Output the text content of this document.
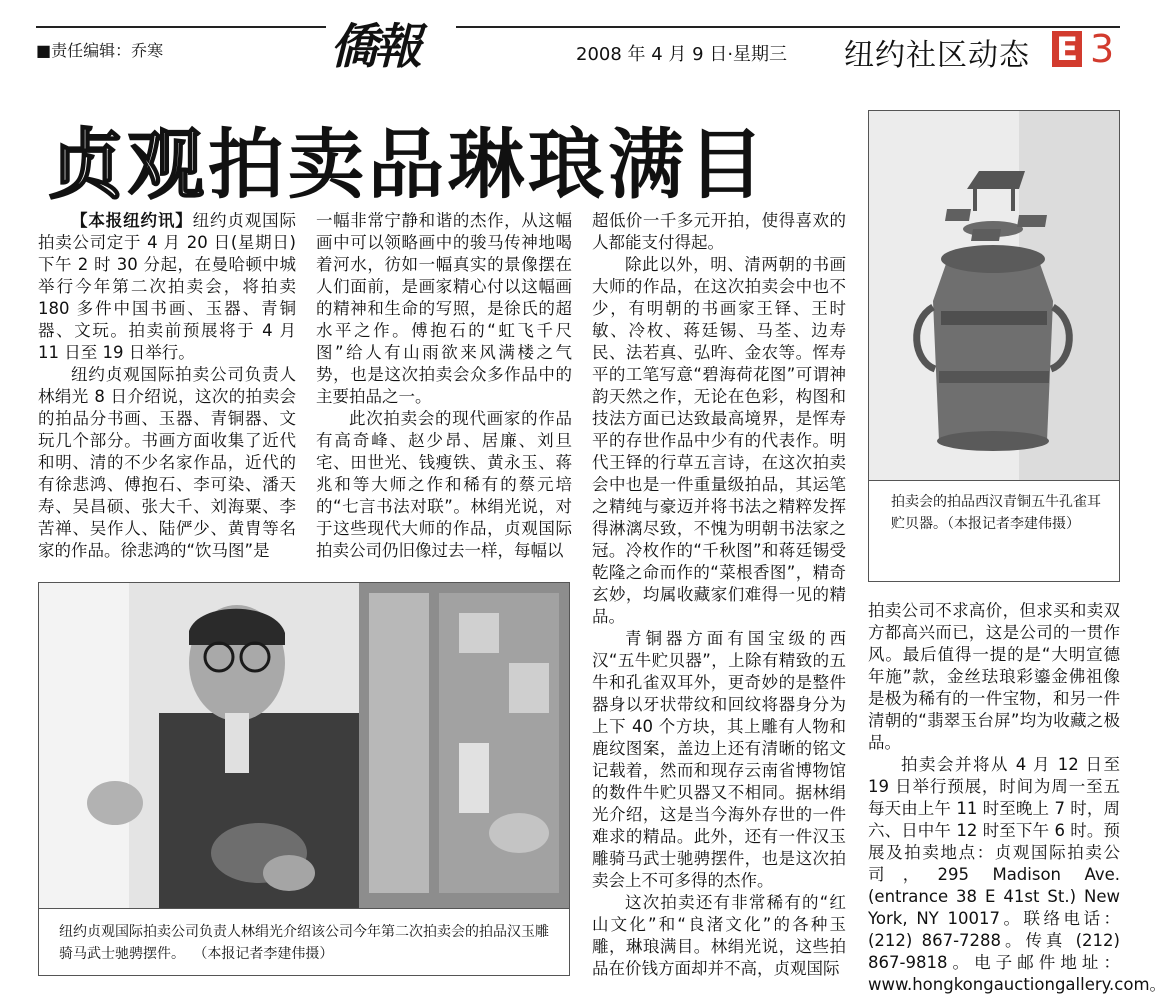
■责任编辑：乔寒	僑報	2008 年 4 月 9 日·星期三 纽约社区动态 E 3
贞观拍卖品琳琅满目

【本报纽约讯】纽约贞观国际拍卖公司定于 4 月 20 日(星期日)下午 2 时 30 分起，在曼哈顿中城举行今年第二次拍卖会，将拍卖 180 多件中国书画、玉器、青铜器、文玩。拍卖前预展将于 4 月 11 日至 19 日举行。

纽约贞观国际拍卖公司负责人林绢光 8 日介绍说，这次的拍卖会的拍品分书画、玉器、青铜器、文玩几个部分。书画方面收集了近代和明、清的不少名家作品，近代的有徐悲鸿、傅抱石、李可染、潘天寿、吴昌硕、张大千、刘海粟、李苦禅、吴作人、陆俨少、黄胄等名家的作品。徐悲鸿的“饮马图”是

一幅非常宁静和谐的杰作，从这幅画中可以领略画中的骏马传神地喝着河水，彷如一幅真实的景像摆在人们面前，是画家精心付以这幅画的精神和生命的写照，是徐氏的超水平之作。傅抱石的“虹飞千尺图”给人有山雨欲来风满楼之气势，也是这次拍卖会众多作品中的主要拍品之一。

此次拍卖会的现代画家的作品有高奇峰、赵少昂、居廉、刘旦宅、田世光、钱瘦铁、黄永玉、蒋兆和等大师之作和稀有的蔡元培的“七言书法对联”。林绢光说，对于这些现代大师的作品，贞观国际拍卖公司仍旧像过去一样，每幅以

超低价一千多元开拍，使得喜欢的人都能支付得起。

除此以外，明、清两朝的书画大师的作品，在这次拍卖会中也不少，有明朝的书画家王铎、王时敏、冷枚、蒋廷锡、马荃、边寿民、法若真、弘旿、金农等。恽寿平的工笔写意“碧海荷花图”可谓神韵天然之作，无论在色彩，构图和技法方面已达致最高境界，是恽寿平的存世作品中少有的代表作。明代王铎的行草五言诗，在这次拍卖会中也是一件重量级拍品，其运笔之精纯与豪迈并将书法之精粹发挥得淋漓尽致，不愧为明朝书法家之冠。冷枚作的“千秋图”和蒋廷锡受乾隆之命而作的“菜根香图”，精奇玄妙，均属收藏家们难得一见的精品。

青铜器方面有国宝级的西汉“五牛贮贝器”，上除有精致的五牛和孔雀双耳外，更奇妙的是整件器身以牙状带纹和回纹将器身分为上下 40 个方块，其上雕有人物和鹿纹图案，盖边上还有清晰的铭文记载着，然而和现存云南省博物馆的数件牛贮贝器又不相同。据林绢光介绍，这是当今海外存世的一件难求的精品。此外，还有一件汉玉雕骑马武士驰骋摆件，也是这次拍卖会上不可多得的杰作。

这次拍卖还有非常稀有的“红山文化”和“良渚文化”的各种玉雕，琳琅满目。林绢光说，这些拍品在价钱方面却并不高，贞观国际

拍卖公司不求高价，但求买和卖双方都高兴而已，这是公司的一贯作风。最后值得一提的是“大明宣德年施”款，金丝珐琅彩鎏金佛祖像是极为稀有的一件宝物，和另一件清朝的“翡翠玉台屏”均为收藏之极品。

拍卖会并将从 4 月 12 日至 19 日举行预展，时间为周一至五每天由上午 11 时至晚上 7 时，周六、日中午 12 时至下午 6 时。预展及拍卖地点：贞观国际拍卖公司，295 Madison Ave.(entrance 38 E 41st St.) New York, NY 10017。联络电话：(212) 867-7288。传真 (212) 867-9818。电子邮件地址：www.hongkongauctiongallery.com。

拍卖会的拍品西汉青铜五牛孔雀耳贮贝器。（本报记者李建伟摄）
纽约贞观国际拍卖公司负责人林绢光介绍该公司今年第二次拍卖会的拍品汉玉雕骑马武士驰骋摆件。 （本报记者李建伟摄）
